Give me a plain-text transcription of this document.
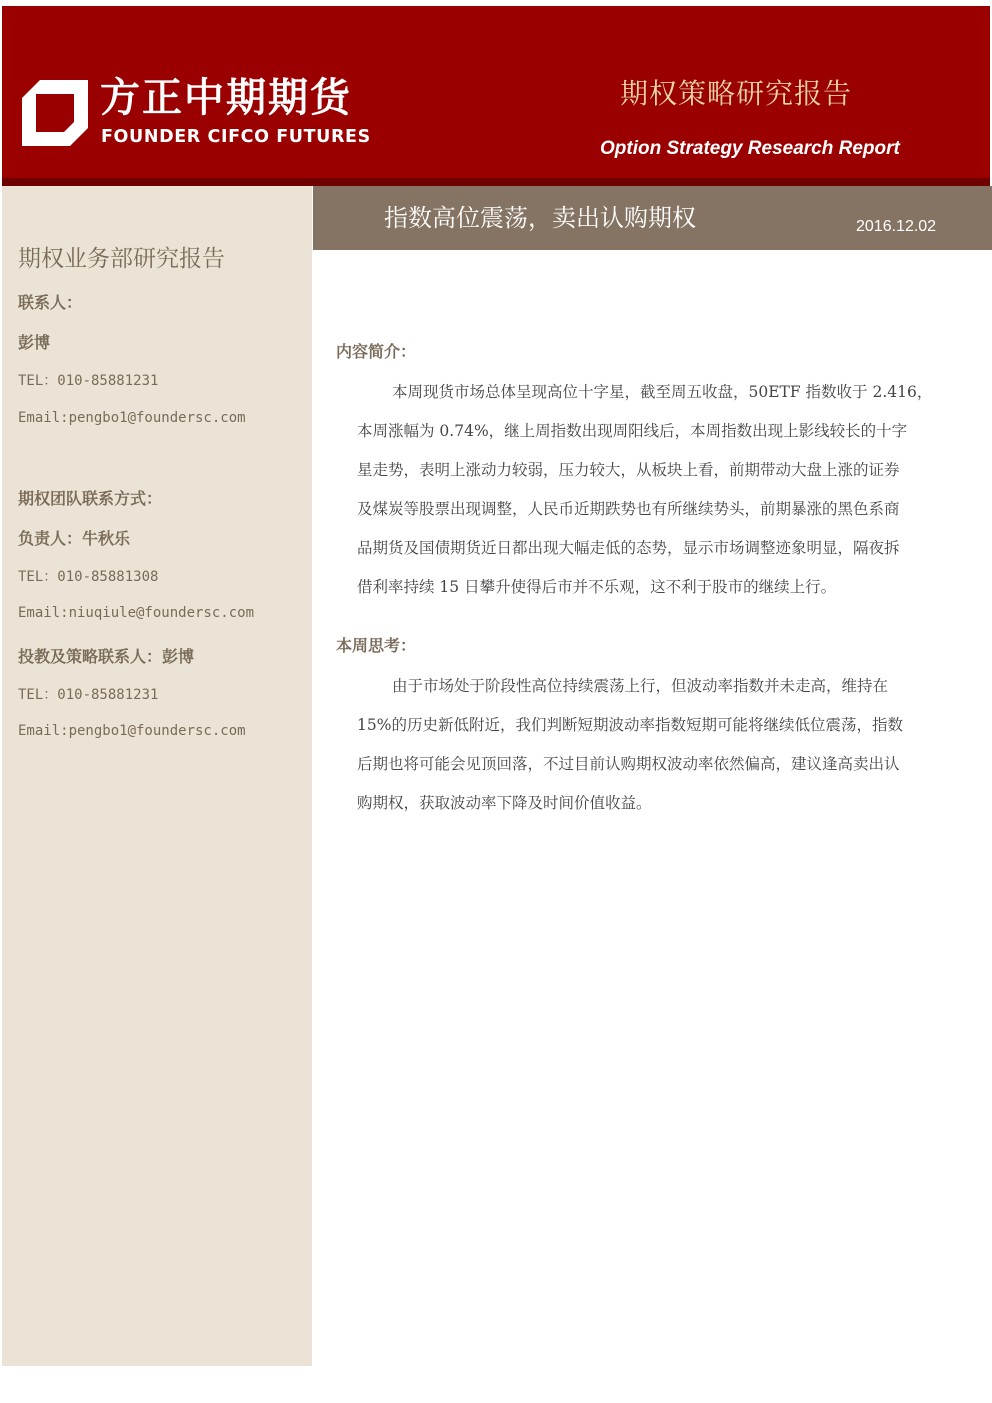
方正中期期货
FOUNDER CIFCO FUTURES
期权策略研究报告
Option Strategy Research Report
期权业务部研究报告
联系人：
彭博
TEL：010-85881231
Email:pengbo1@foundersc.com
期权团队联系方式：
负责人：牛秋乐
TEL：010-85881308
Email:niuqiule@foundersc.com
投教及策略联系人：彭博
TEL：010-85881231
Email:pengbo1@foundersc.com
指数高位震荡，卖出认购期权	2016.12.02
内容简介：
本周现货市场总体呈现高位十字星，截至周五收盘，50ETF 指数收于 2.416，
本周涨幅为 0.74%，继上周指数出现周阳线后，本周指数出现上影线较长的十字
星走势，表明上涨动力较弱，压力较大，从板块上看，前期带动大盘上涨的证券
及煤炭等股票出现调整，人民币近期跌势也有所继续势头，前期暴涨的黑色系商
品期货及国债期货近日都出现大幅走低的态势，显示市场调整迹象明显，隔夜拆
借利率持续 15 日攀升使得后市并不乐观，这不利于股市的继续上行。
本周思考：
由于市场处于阶段性高位持续震荡上行，但波动率指数并未走高，维持在
15%的历史新低附近，我们判断短期波动率指数短期可能将继续低位震荡，指数
后期也将可能会见顶回落，不过目前认购期权波动率依然偏高，建议逢高卖出认
购期权，获取波动率下降及时间价值收益。
